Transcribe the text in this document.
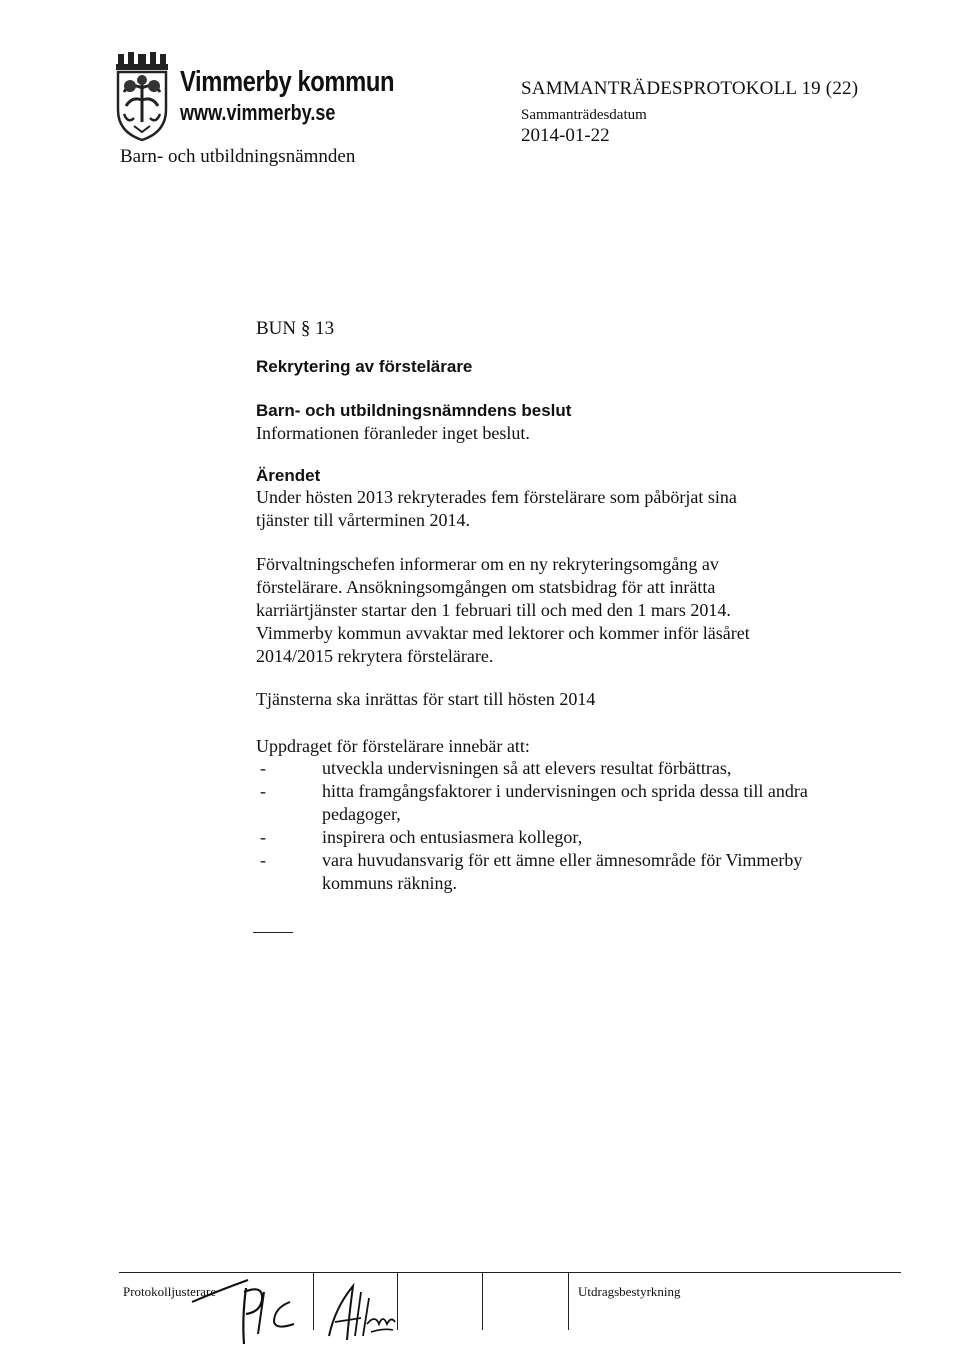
Vimmerby kommun
www.vimmerby.se
Barn- och utbildningsnämnden
SAMMANTRÄDESPROTOKOLL 19 (22)
Sammanträdesdatum
2014-01-22
BUN § 13
Rekrytering av förstelärare
Barn- och utbildningsnämndens beslut
Informationen föranleder inget beslut.
Ärendet
Under hösten 2013 rekryterades fem förstelärare som påbörjat sina
tjänster till vårterminen 2014.
Förvaltningschefen informerar om en ny rekryteringsomgång av
förstelärare. Ansökningsomgången om statsbidrag för att inrätta
karriärtjänster startar den 1 februari till och med den 1 mars 2014.
Vimmerby kommun avvaktar med lektorer och kommer inför läsåret
2014/2015 rekrytera förstelärare.
Tjänsterna ska inrättas för start till hösten 2014
Uppdraget för förstelärare innebär att:
-	utveckla undervisningen så att elevers resultat förbättras,
-	hitta framgångsfaktorer i undervisningen och sprida dessa till andra pedagoger,
-	inspirera och entusiasmera kollegor,
-	vara huvudansvarig för ett ämne eller ämnesområde för Vimmerby kommuns räkning.
Protokolljusterare	Utdragsbestyrkning
